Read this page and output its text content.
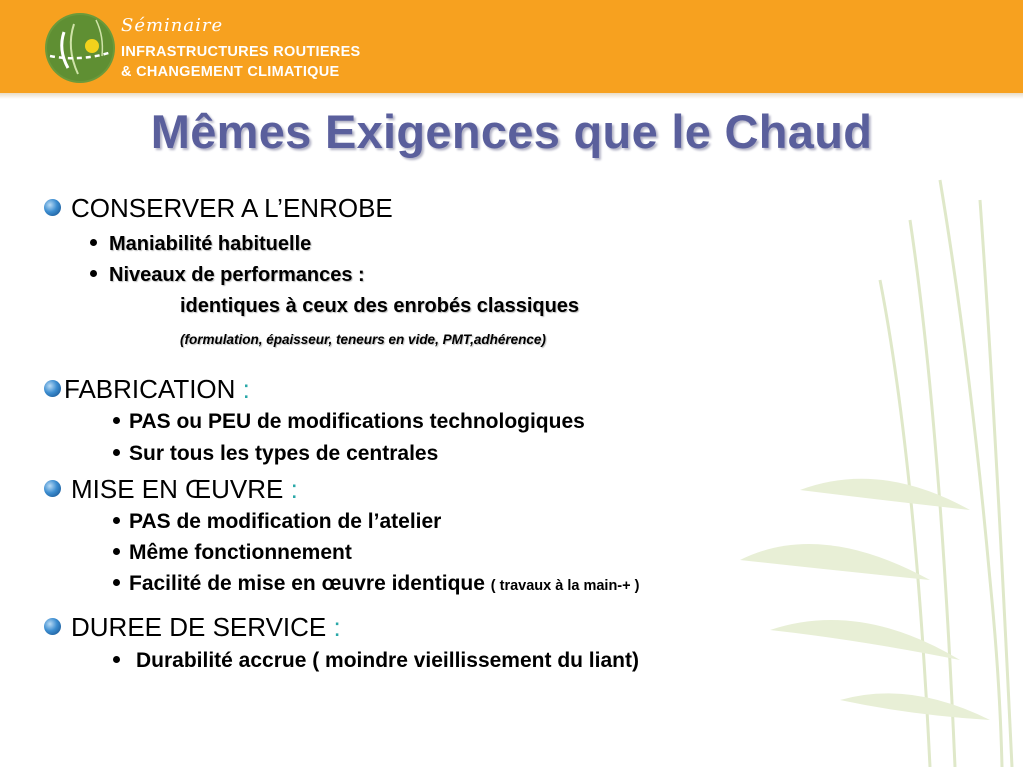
Séminaire
INFRASTRUCTURES ROUTIERES
& CHANGEMENT CLIMATIQUE
Mêmes Exigences que le Chaud
CONSERVER A L’ENROBE
Maniabilité habituelle
Niveaux de performances :
identiques à ceux des enrobés classiques
(formulation, épaisseur, teneurs en vide, PMT,adhérence)
FABRICATION :
PAS ou PEU de modifications technologiques
Sur tous les types de centrales
MISE EN ŒUVRE :
PAS de modification de l’atelier
Même fonctionnement
Facilité de mise en œuvre identique ( travaux à la main-+ )
DUREE DE SERVICE :
Durabilité accrue ( moindre vieillissement du liant)
